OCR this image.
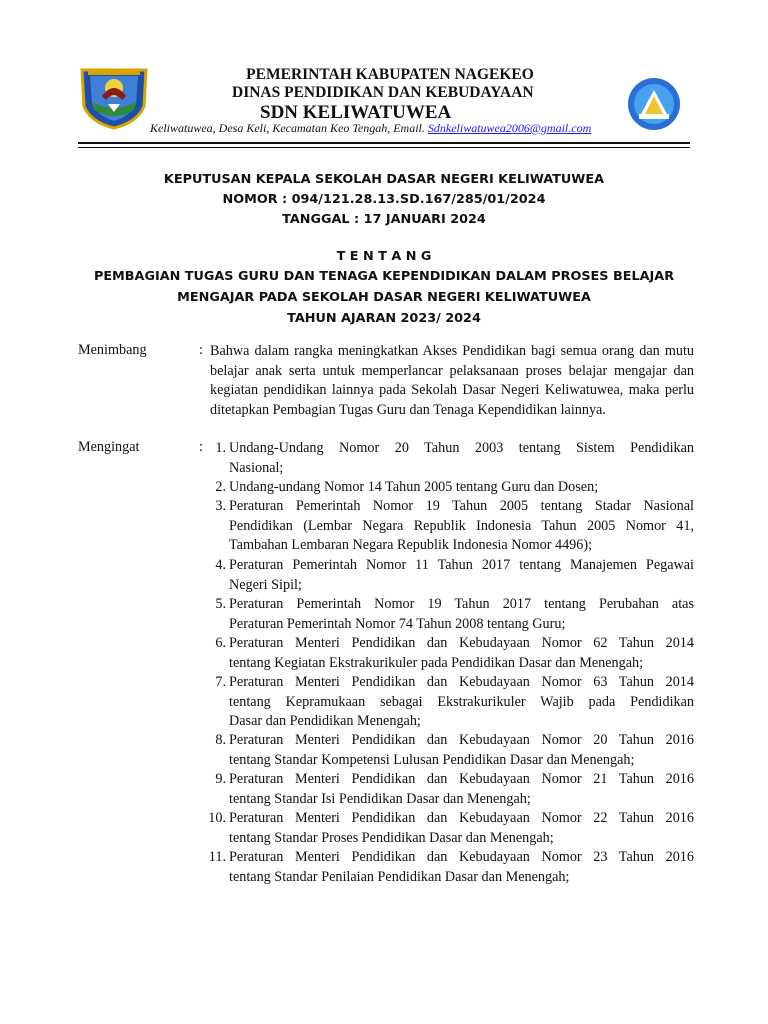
PEMERINTAH KABUPATEN NAGEKEO
DINAS PENDIDIKAN DAN KEBUDAYAAN
SDN KELIWATUWEA
Keliwatuwea, Desa Keli, Kecamatan Keo Tengah, Email. Sdnkeliwatuwea2006@gmail.com
KEPUTUSAN KEPALA SEKOLAH DASAR NEGERI KELIWATUWEA
NOMOR : 094/121.28.13.SD.167/285/01/2024
TANGGAL : 17 JANUARI 2024
T E N T A N G
PEMBAGIAN TUGAS GURU DAN TENAGA KEPENDIDIKAN DALAM PROSES BELAJAR
MENGAJAR PADA SEKOLAH DASAR NEGERI KELIWATUWEA
TAHUN AJARAN 2023/ 2024
Menimbang	: Bahwa dalam rangka meningkatkan Akses Pendidikan bagi semua orang dan mutu belajar anak serta untuk memperlancar pelaksanaan proses belajar mengajar dan kegiatan pendidikan lainnya pada Sekolah Dasar Negeri Keliwatuwea, maka perlu ditetapkan Pembagian Tugas Guru dan Tenaga Kependidikan lainnya.
Mengingat	: 1. Undang-Undang Nomor 20 Tahun 2003 tentang Sistem Pendidikan
Nasional;
2. Undang-undang Nomor 14 Tahun 2005 tentang Guru dan Dosen;
3. Peraturan Pemerintah Nomor 19 Tahun 2005 tentang Stadar Nasional
Pendidikan (Lembar Negara Republik Indonesia Tahun 2005 Nomor 41,
Tambahan Lembaran Negara Republik Indonesia Nomor 4496);
4. Peraturan Pemerintah Nomor 11 Tahun 2017 tentang Manajemen Pegawai
Negeri Sipil;
5. Peraturan Pemerintah Nomor 19 Tahun 2017 tentang Perubahan atas
Peraturan Pemerintah Nomor 74 Tahun 2008 tentang Guru;
6. Peraturan Menteri Pendidikan dan Kebudayaan Nomor 62 Tahun 2014
tentang Kegiatan Ekstrakurikuler pada Pendidikan Dasar dan Menengah;
7. Peraturan Menteri Pendidikan dan Kebudayaan Nomor 63 Tahun 2014
tentang Kepramukaan sebagai Ekstrakurikuler Wajib pada Pendidikan
Dasar dan Pendidikan Menengah;
8. Peraturan Menteri Pendidikan dan Kebudayaan Nomor 20 Tahun 2016
tentang Standar Kompetensi Lulusan Pendidikan Dasar dan Menengah;
9. Peraturan Menteri Pendidikan dan Kebudayaan Nomor 21 Tahun 2016
tentang Standar Isi Pendidikan Dasar dan Menengah;
10. Peraturan Menteri Pendidikan dan Kebudayaan Nomor 22 Tahun 2016
tentang Standar Proses Pendidikan Dasar dan Menengah;
11. Peraturan Menteri Pendidikan dan Kebudayaan Nomor 23 Tahun 2016
tentang Standar Penilaian Pendidikan Dasar dan Menengah;
